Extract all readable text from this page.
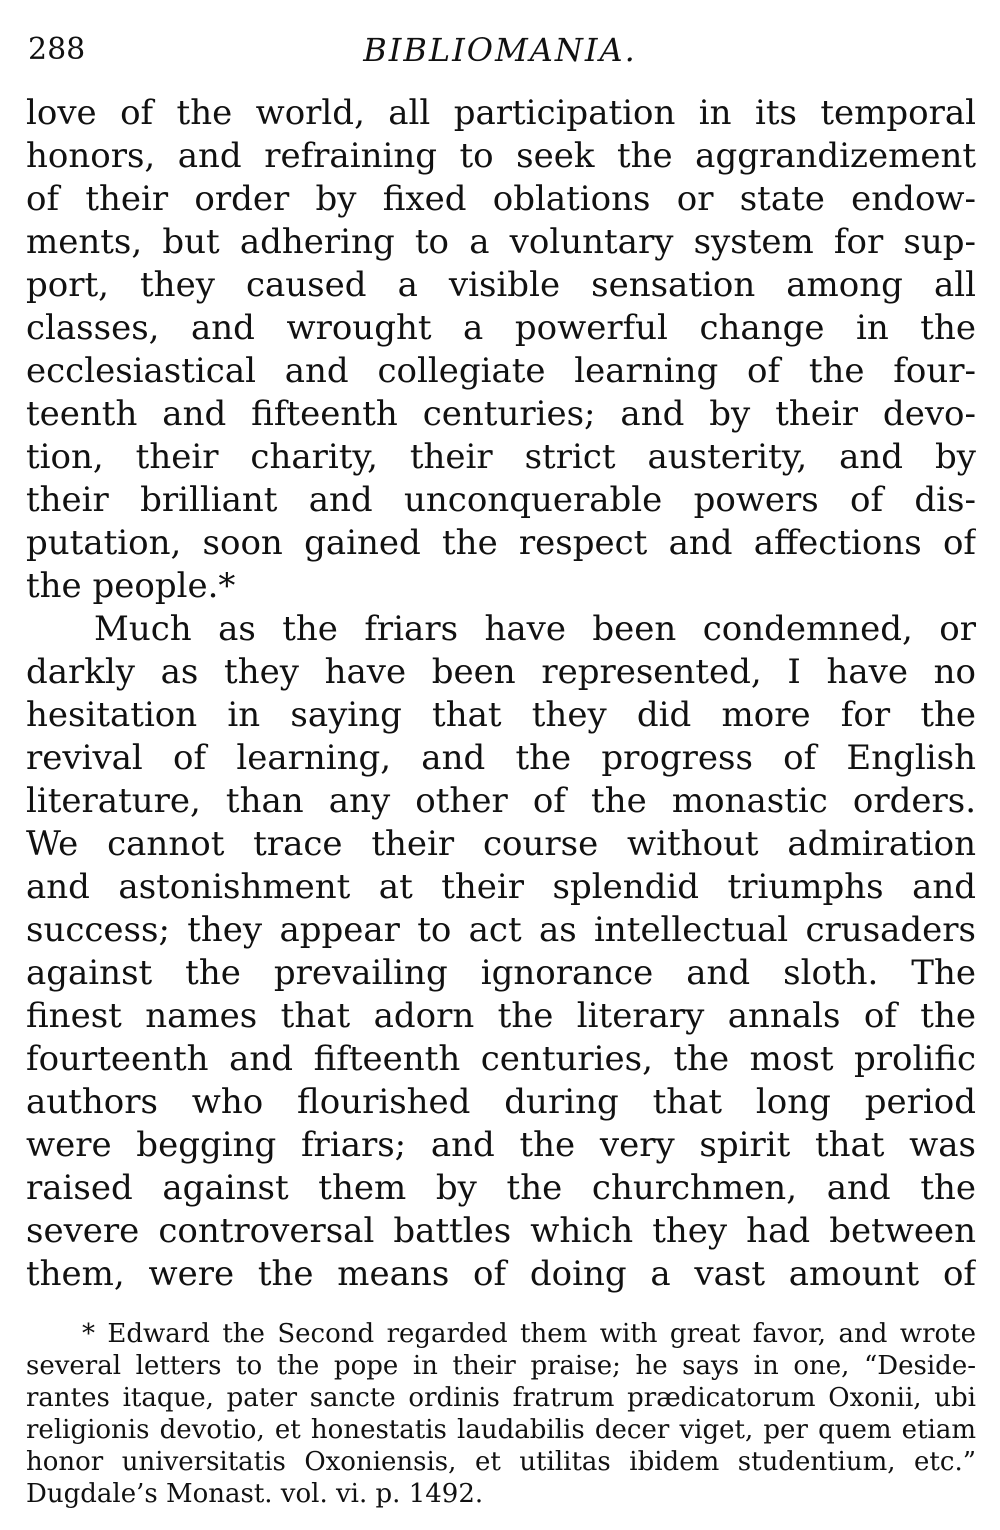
288	BIBLIOMANIA.
love of the world, all participation in its temporal
honors, and refraining to seek the aggrandizement
of their order by fixed oblations or state endow-
ments, but adhering to a voluntary system for sup-
port, they caused a visible sensation among all
classes, and wrought a powerful change in the
ecclesiastical and collegiate learning of the four-
teenth and fifteenth centuries; and by their devo-
tion, their charity, their strict austerity, and by
their brilliant and unconquerable powers of dis-
putation, soon gained the respect and affections of
the people.*
Much as the friars have been condemned, or
darkly as they have been represented, I have no
hesitation in saying that they did more for the
revival of learning, and the progress of English
literature, than any other of the monastic orders.
We cannot trace their course without admiration
and astonishment at their splendid triumphs and
success; they appear to act as intellectual crusaders
against the prevailing ignorance and sloth. The
finest names that adorn the literary annals of the
fourteenth and fifteenth centuries, the most prolific
authors who flourished during that long period
were begging friars; and the very spirit that was
raised against them by the churchmen, and the
severe controversal battles which they had between
them, were the means of doing a vast amount of
* Edward the Second regarded them with great favor, and wrote
several letters to the pope in their praise; he says in one, “Deside-
rantes itaque, pater sancte ordinis fratrum prædicatorum Oxonii, ubi
religionis devotio, et honestatis laudabilis decer viget, per quem etiam
honor universitatis Oxoniensis, et utilitas ibidem studentium, etc.”
Dugdale’s Monast. vol. vi. p. 1492.
